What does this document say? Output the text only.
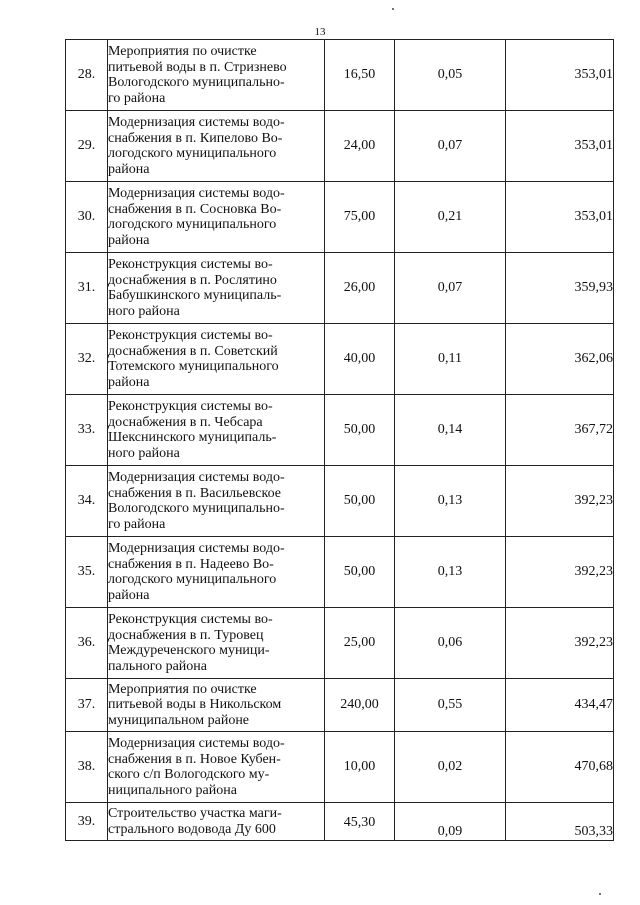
13
28.	Мероприятия по очистке
питьевой воды в п. Стризнево
Вологодского муниципально-
го района	16,50	0,05	353,01
29.	Модернизация системы водо-
снабжения в п. Кипелово Во-
логодского муниципального
района	24,00	0,07	353,01
30.	Модернизация системы водо-
снабжения в п. Сосновка Во-
логодского муниципального
района	75,00	0,21	353,01
31.	Реконструкция системы во-
доснабжения в п. Рослятино
Бабушкинского муниципаль-
ного района	26,00	0,07	359,93
32.	Реконструкция системы во-
доснабжения в п. Советский
Тотемского муниципального
района	40,00	0,11	362,06
33.	Реконструкция системы во-
доснабжения в п. Чебсара
Шекснинского муниципаль-
ного района	50,00	0,14	367,72
34.	Модернизация системы водо-
снабжения в п. Васильевское
Вологодского муниципально-
го района	50,00	0,13	392,23
35.	Модернизация системы водо-
снабжения в п. Надеево Во-
логодского муниципального
района	50,00	0,13	392,23
36.	Реконструкция системы во-
доснабжения в п. Туровец
Междуреченского муници-
пального района	25,00	0,06	392,23
37.	Мероприятия по очистке
питьевой воды в Никольском
муниципальном районе	240,00	0,55	434,47
38.	Модернизация системы водо-
снабжения в п. Новое Кубен-
ского с/п Вологодского му-
ниципального района	10,00	0,02	470,68
39.	Строительство участка маги-
стрального водовода Ду 600	45,30	0,09	503,33
